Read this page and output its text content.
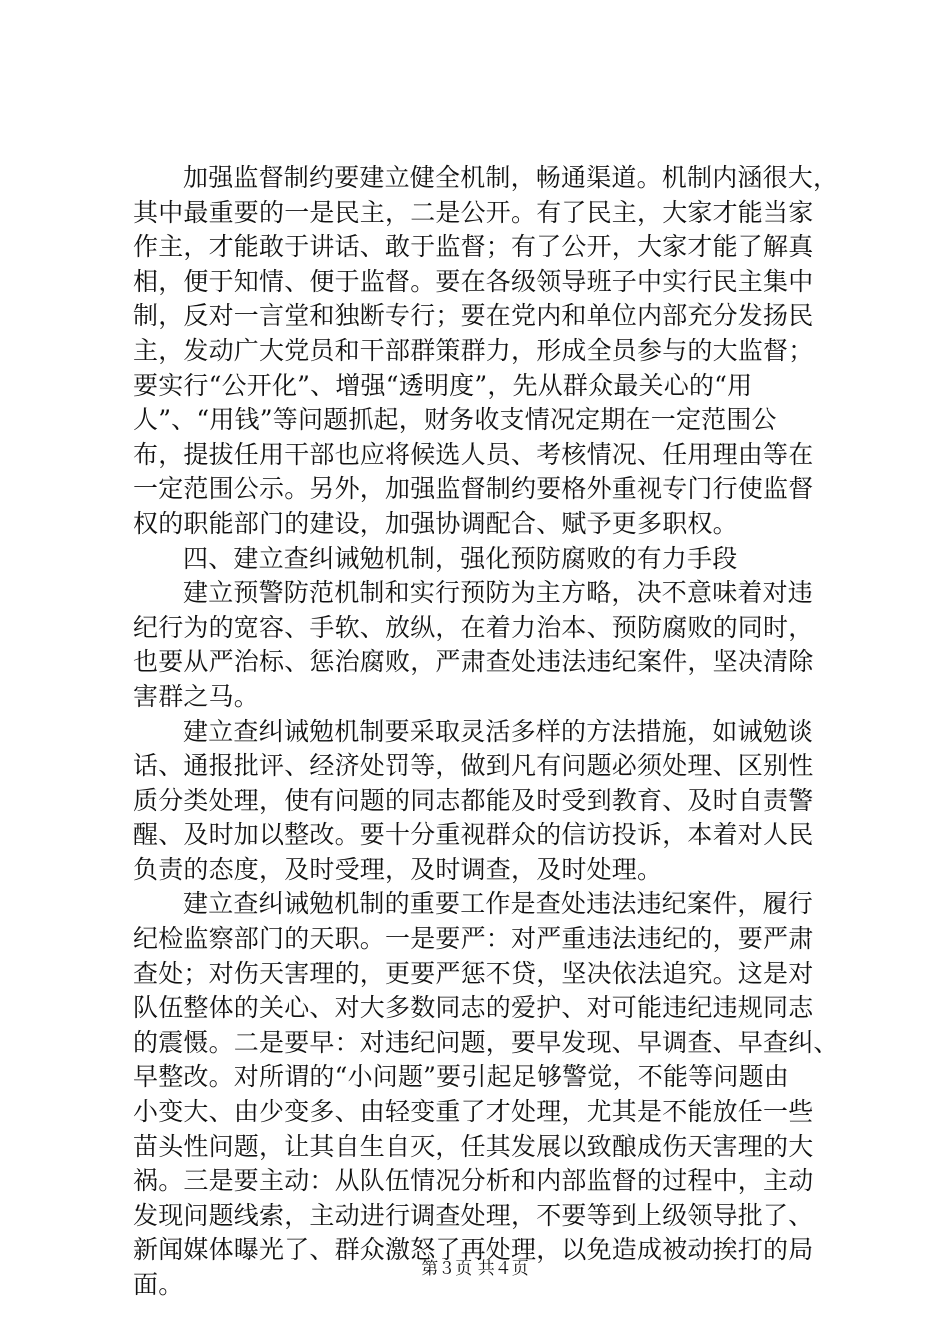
加强监督制约要建立健全机制，畅通渠道。机制内涵很大，
其中最重要的一是民主，二是公开。有了民主，大家才能当家
作主，才能敢于讲话、敢于监督；有了公开，大家才能了解真
相，便于知情、便于监督。要在各级领导班子中实行民主集中
制，反对一言堂和独断专行；要在党内和单位内部充分发扬民
主，发动广大党员和干部群策群力，形成全员参与的大监督；
要实行“公开化”、增强“透明度”，先从群众最关心的“用
人”、“用钱”等问题抓起，财务收支情况定期在一定范围公
布，提拔任用干部也应将候选人员、考核情况、任用理由等在
一定范围公示。另外，加强监督制约要格外重视专门行使监督
权的职能部门的建设，加强协调配合、赋予更多职权。
四、建立查纠诫勉机制，强化预防腐败的有力手段
建立预警防范机制和实行预防为主方略，决不意味着对违
纪行为的宽容、手软、放纵，在着力治本、预防腐败的同时，
也要从严治标、惩治腐败，严肃查处违法违纪案件，坚决清除
害群之马。
建立查纠诫勉机制要采取灵活多样的方法措施，如诫勉谈
话、通报批评、经济处罚等，做到凡有问题必须处理、区别性
质分类处理，使有问题的同志都能及时受到教育、及时自责警
醒、及时加以整改。要十分重视群众的信访投诉，本着对人民
负责的态度，及时受理，及时调查，及时处理。
建立查纠诫勉机制的重要工作是查处违法违纪案件，履行
纪检监察部门的天职。一是要严：对严重违法违纪的，要严肃
查处；对伤天害理的，更要严惩不贷，坚决依法追究。这是对
队伍整体的关心、对大多数同志的爱护、对可能违纪违规同志
的震慑。二是要早：对违纪问题，要早发现、早调查、早查纠、
早整改。对所谓的“小问题”要引起足够警觉，不能等问题由
小变大、由少变多、由轻变重了才处理，尤其是不能放任一些
苗头性问题，让其自生自灭，任其发展以致酿成伤天害理的大
祸。三是要主动：从队伍情况分析和内部监督的过程中，主动
发现问题线索，主动进行调查处理，不要等到上级领导批了、
新闻媒体曝光了、群众激怒了再处理，以免造成被动挨打的局
面。
第３页 共４页
